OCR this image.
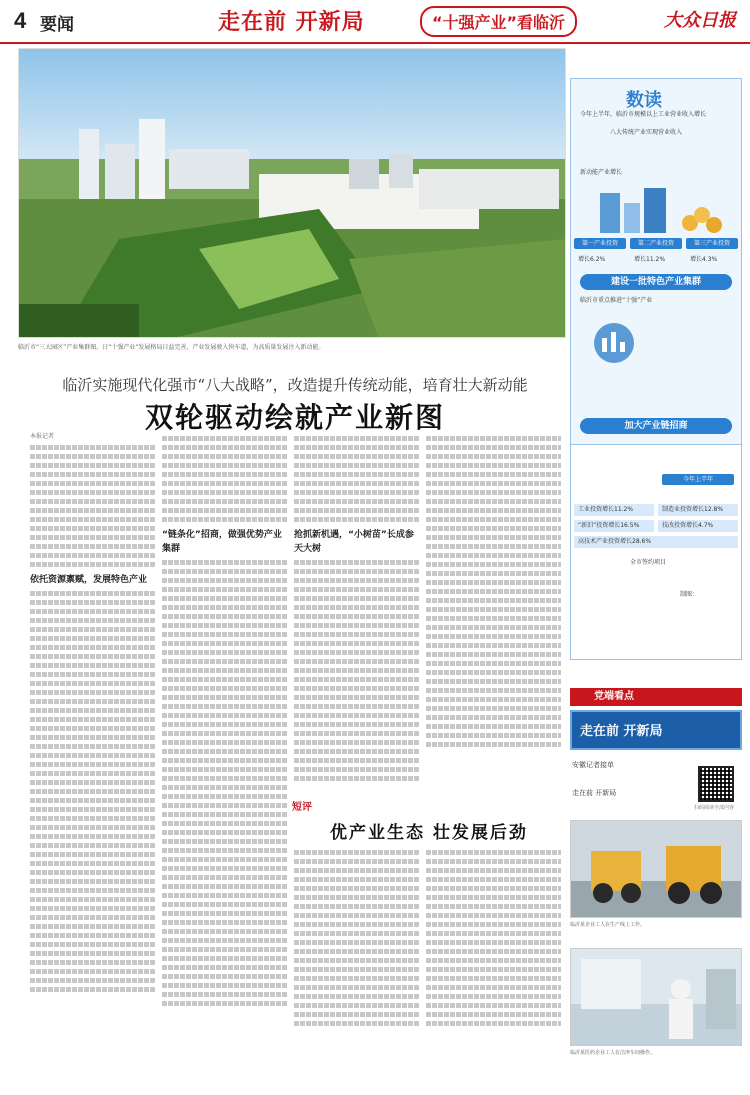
4 要闻	走在前 开新局	“十强产业”看临沂	大众日报
临沂市“三大园区”产业集群图。日“十强产业”发展格局日益完善，产业发展驶入快车道，为高质量发展注入新动能。
临沂实施现代化强市“八大战略”，改造提升传统动能，培育壮大新动能
双轮驱动绘就产业新图
本报记者
依托资源禀赋，发展特色产业
“链条化”招商，做强优势产业集群
抢抓新机遇，“小树苗”长成参天大树
短评
优产业生态 壮发展后劲
数读
今年上半年，临沂市规模以上工业营业收入增长
八大传统产业实现营业收入
新动能产业增长
第一产业投资	第二产业投资	第三产业投资
增长6.2%	增长11.2%	增长4.3%
建设一批特色产业集群
临沂市重点推进“十强”产业
加大产业链招商
今年上半年
工业投资增长11.2%	制造业投资增长12.8%
“新旧”投资增长16.5%	技改投资增长4.7%
高技术产业投资增长28.6%
全市签约项目
制图：
党端看点
走在前 开新局
安徽记者接单
走在前 开新局
扫码阅读全部内容
临沂某企业工人在生产线上工作。
临沂某医药企业工人在洁净车间操作。
